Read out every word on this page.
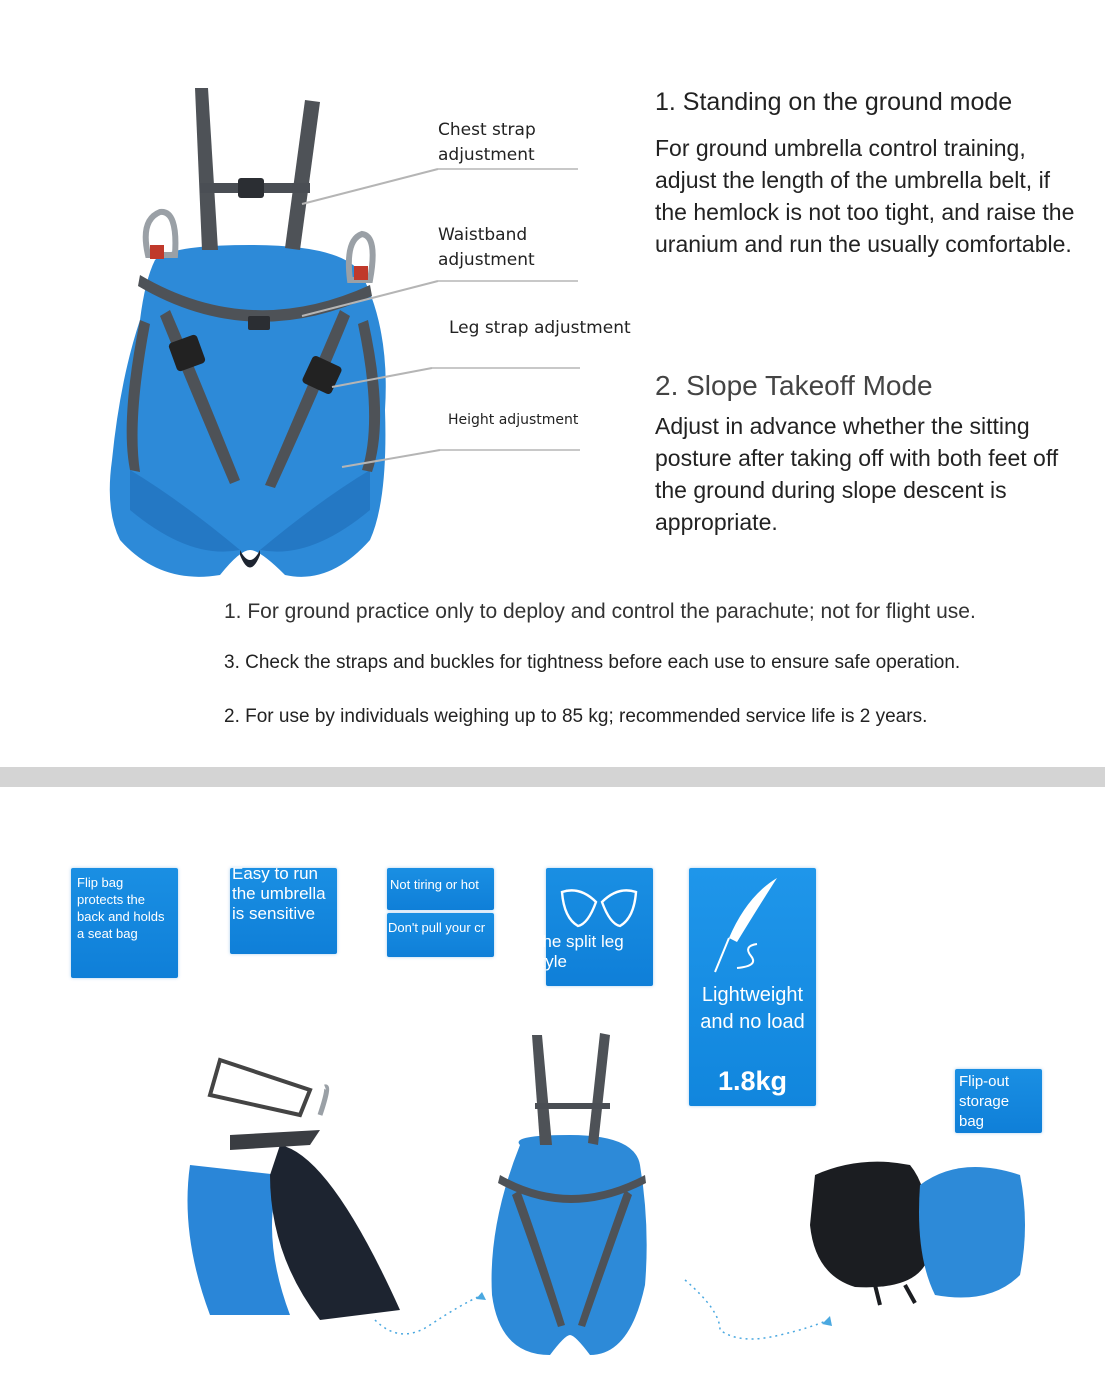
Chest strap
adjustment
Waistband
adjustment
Leg strap adjustment
Height adjustment
1. Standing on the ground mode
For ground umbrella control training, adjust the length of the umbrella belt, if the hemlock is not too tight, and raise the uranium and run the usually comfortable.
2. Slope Takeoff Mode
Adjust in advance whether the sitting posture after taking off with both feet off the ground during slope descent is appropriate.
1. For ground practice only to deploy and control the parachute; not for flight use.
3. Check the straps and buckles for tightness before each use to ensure safe operation.
2. For use by individuals weighing up to 85 kg; recommended service life is 2 years.
Flip bag
protects the
back and holds
a seat bag
Easy to run
the umbrella
is sensitive
Not tiring or hot
Don't pull your cr
The split leg
style
Lightweight
and no load
1.8kg	Flip-out
storage bag
